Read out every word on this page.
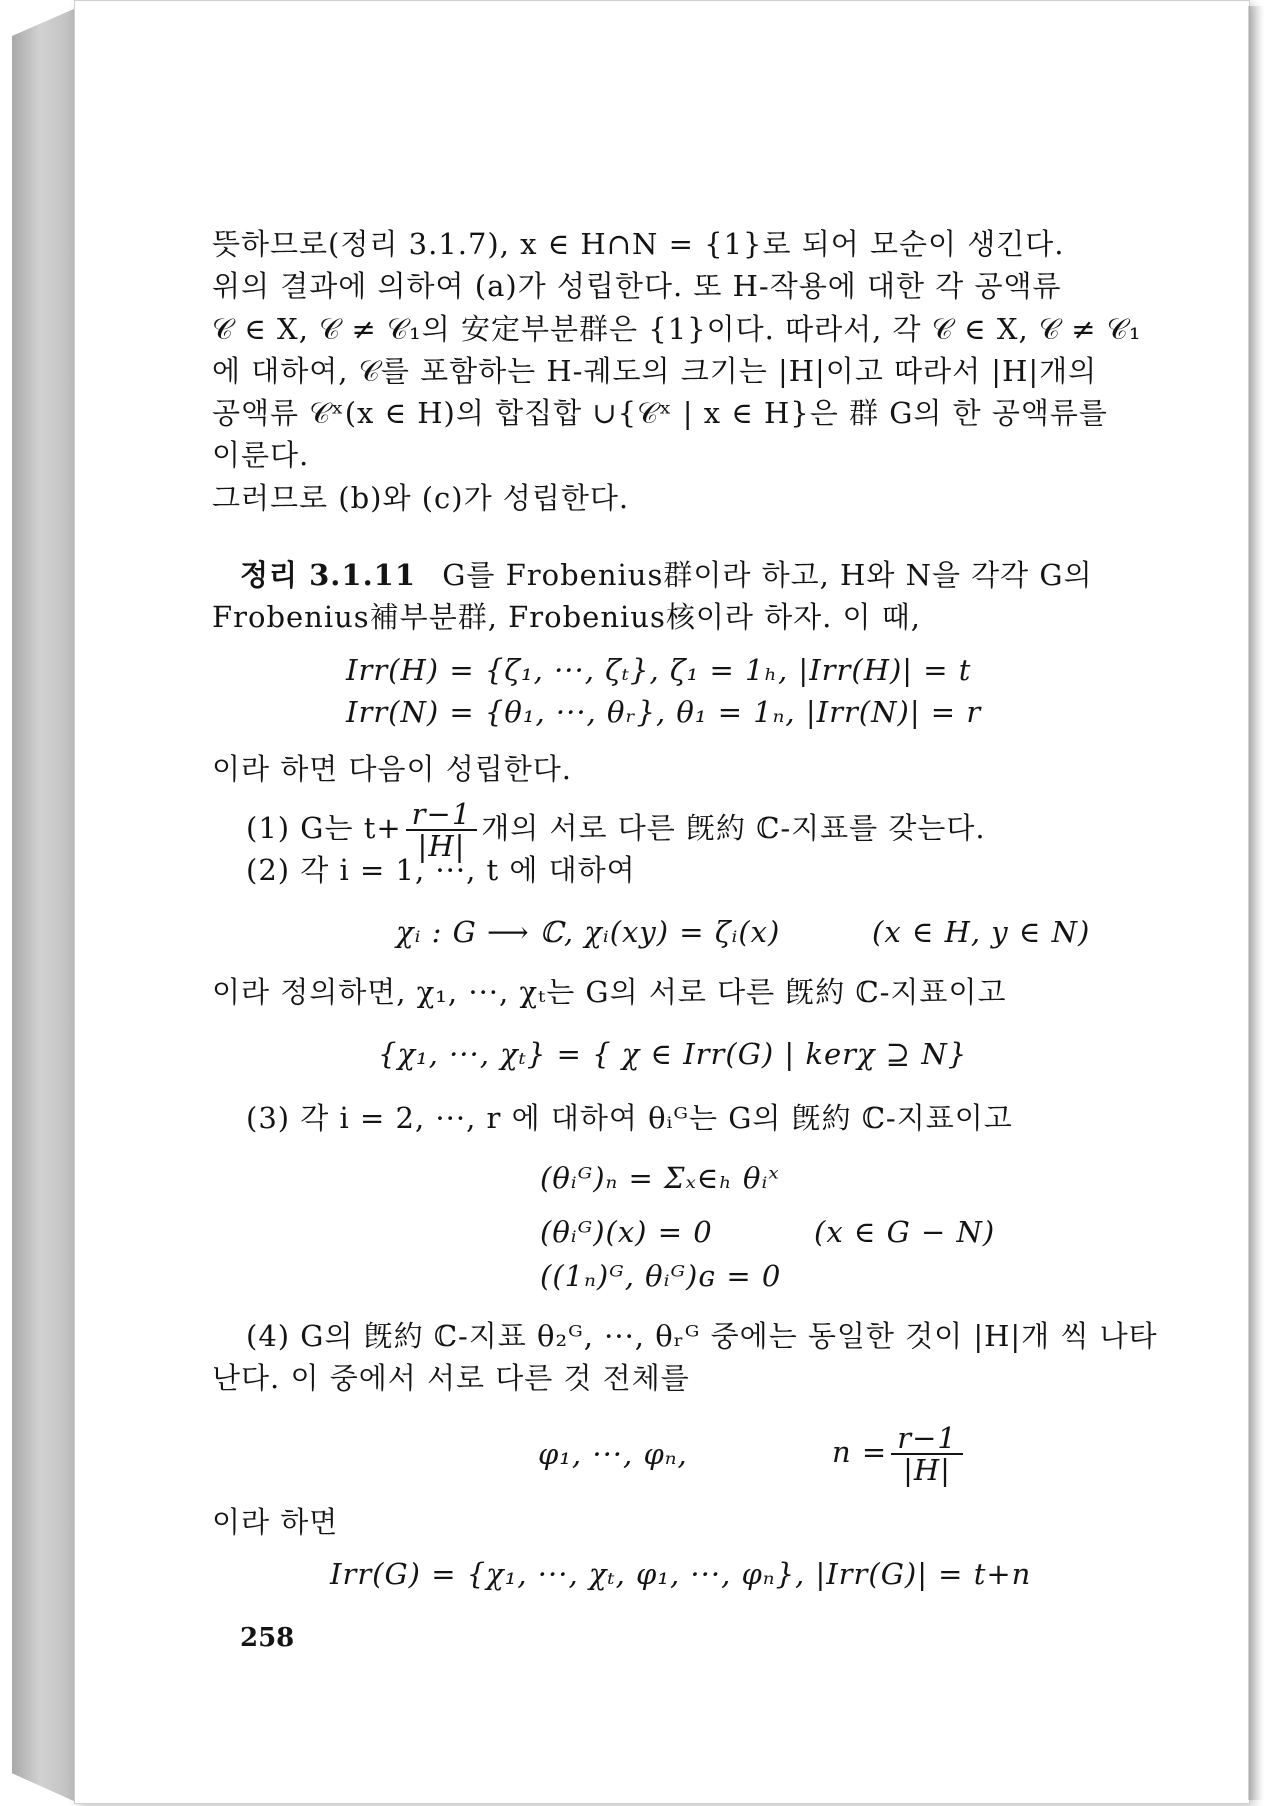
뜻하므로(정리 3.1.7), x ∈ H∩N = {1}로 되어 모순이 생긴다.
위의 결과에 의하여 (a)가 성립한다. 또 H-작용에 대한 각 공액류
𝒞 ∈ X, 𝒞 ≠ 𝒞₁의 安定부분群은 {1}이다. 따라서, 각 𝒞 ∈ X, 𝒞 ≠ 𝒞₁
에 대하여, 𝒞를 포함하는 H-궤도의 크기는 |H|이고 따라서 |H|개의
공액류 𝒞ˣ(x ∈ H)의 합집합 ∪{𝒞ˣ | x ∈ H}은 群 G의 한 공액류를
이룬다.
그러므로 (b)와 (c)가 성립한다.
정리 3.1.11 G를 Frobenius群이라 하고, H와 N을 각각 G의
Frobenius補부분群, Frobenius核이라 하자. 이 때,
Irr(H) = {ζ₁, ···, ζₜ}, ζ₁ = 1ₕ, |Irr(H)| = t
Irr(N) = {θ₁, ···, θᵣ}, θ₁ = 1ₙ, |Irr(N)| = r
이라 하면 다음이 성립한다.
(1) G는 $t+ \frac{r-1}{|H|}$ 개의 서로 다른 旣約 ℂ-지표를 갖는다.
(2) 각 i = 1, ···, t 에 대하여
χᵢ : G ⟶ ℂ, χᵢ(xy) = ζᵢ(x)	(x ∈ H, y ∈ N)
이라 정의하면, χ₁, ···, χₜ는 G의 서로 다른 旣約 ℂ-지표이고
{χ₁, ···, χₜ} = { χ ∈ Irr(G) | kerχ ⊇ N}
(3) 각 i = 2, ···, r 에 대하여 θᵢᴳ는 G의 旣約 ℂ-지표이고
(θᵢᴳ)ₙ = Σₓ∈ₕ θᵢˣ
(θᵢᴳ)(x) = 0	(x ∈ G − N)
((1ₙ)ᴳ, θᵢᴳ)ɢ = 0
(4) G의 旣約 ℂ-지표 θ₂ᴳ, ···, θᵣᴳ 중에는 동일한 것이 |H|개 씩 나타
난다. 이 중에서 서로 다른 것 전체를
φ₁, ···, φₙ,	$n = \frac{r-1}{|H|}$
이라 하면
Irr(G) = {χ₁, ···, χₜ, φ₁, ···, φₙ}, |Irr(G)| = t+n
258
